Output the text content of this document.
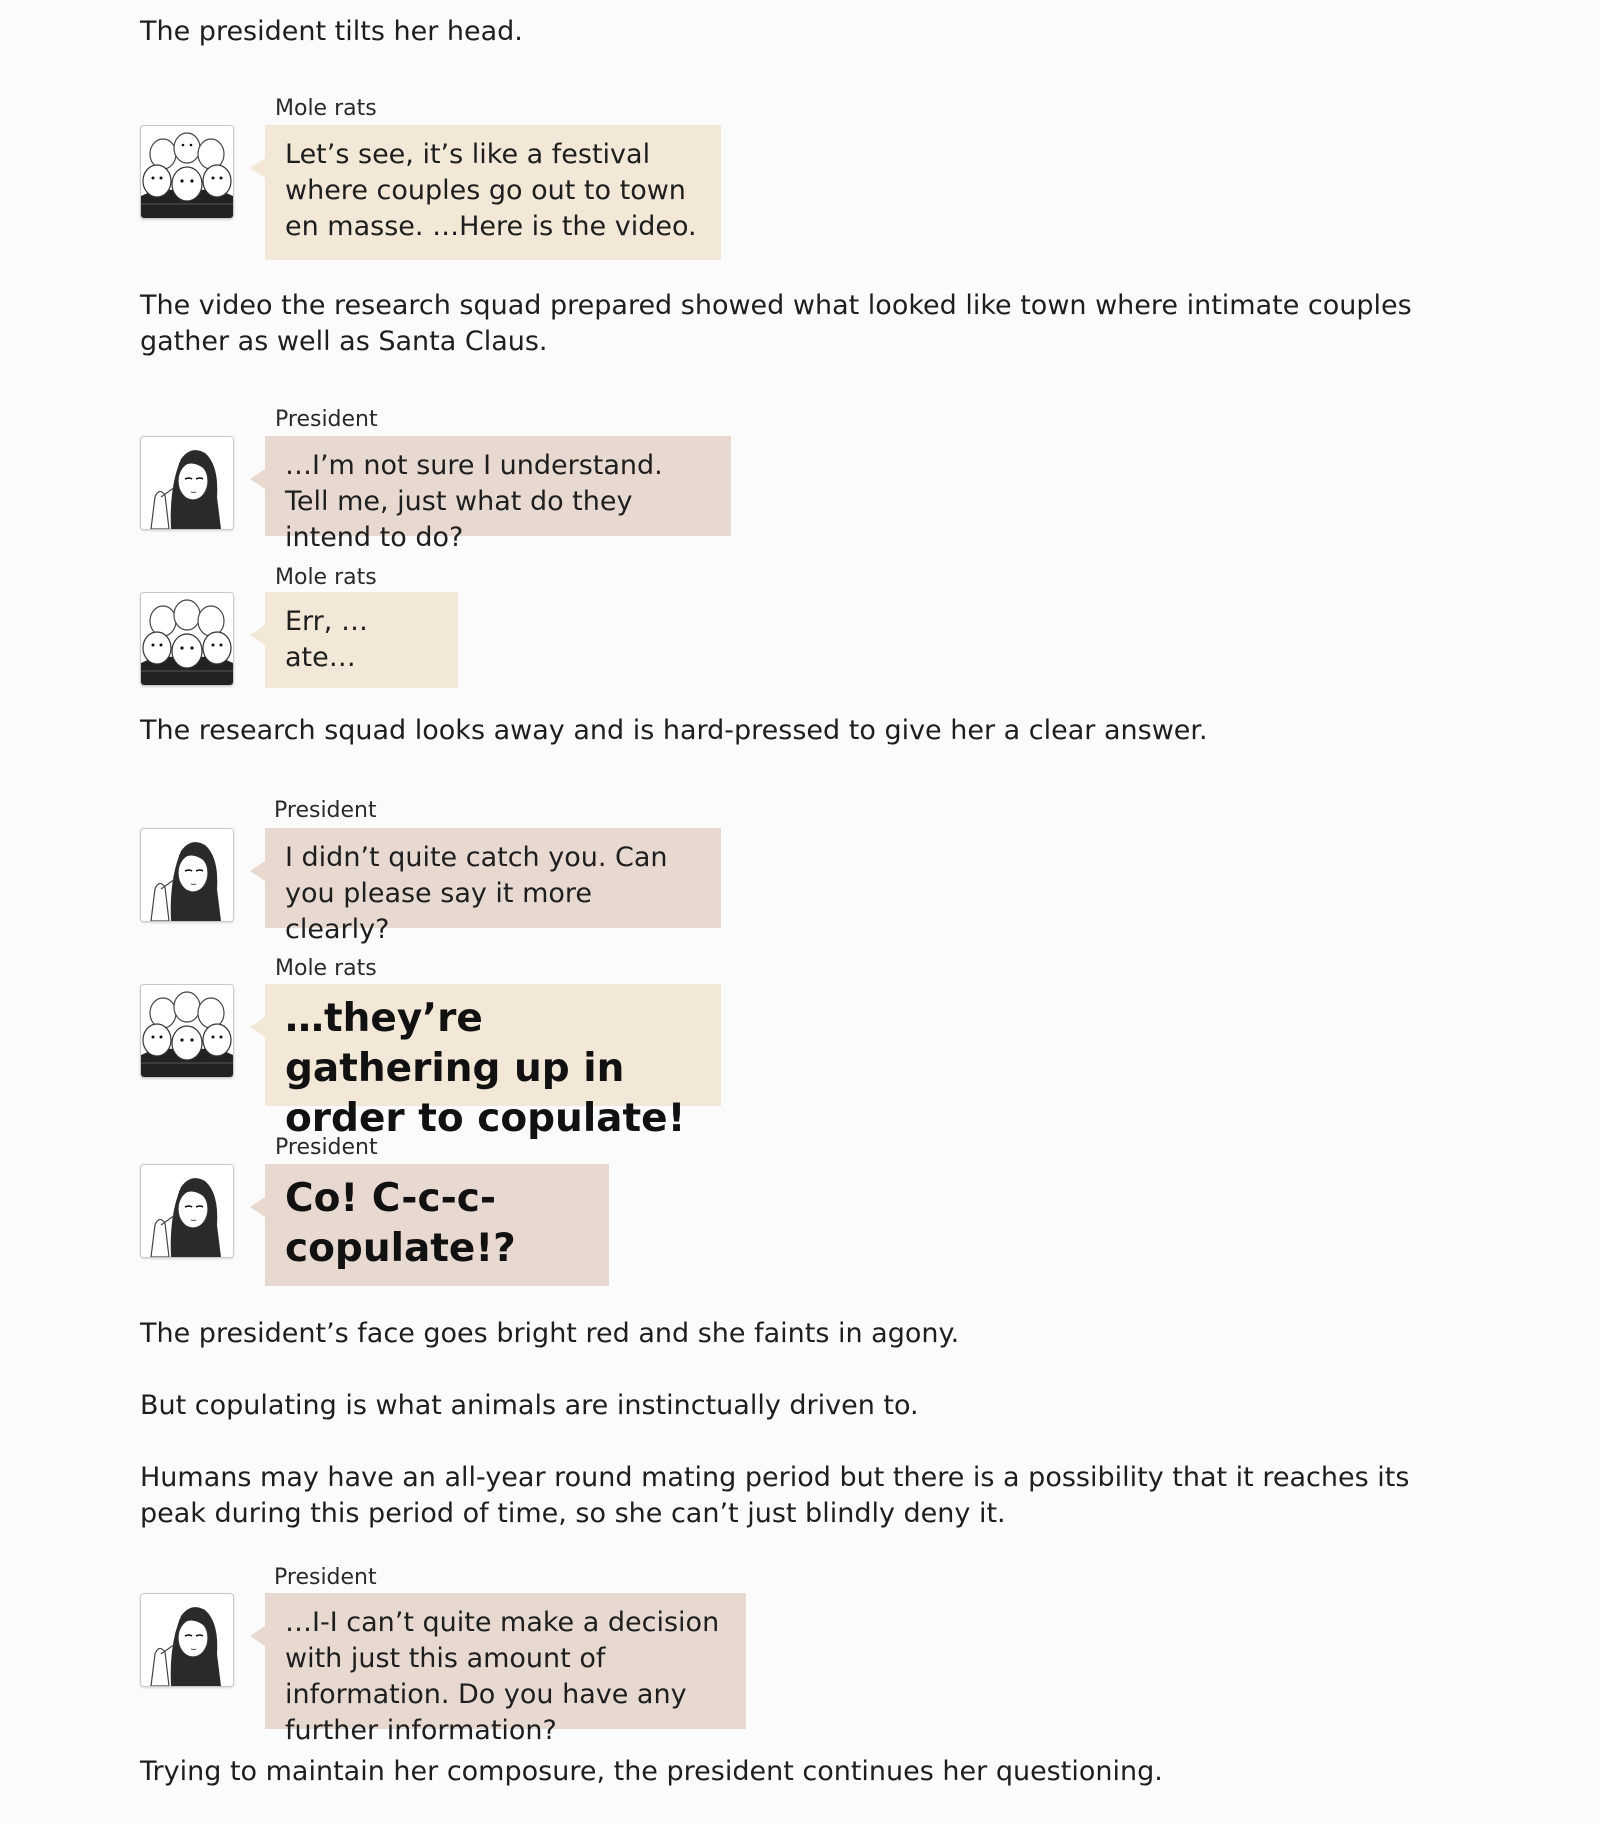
The president tilts her head.
Mole rats
Let’s see, it’s like a festival where couples go out to town en masse. …Here is the video.
The video the research squad prepared showed what looked like town where intimate couples gather as well as Santa Claus.
President
…I’m not sure I understand. Tell me, just what do they intend to do?
Mole rats
Err, …ate…
The research squad looks away and is hard-pressed to give her a clear answer.
President
I didn’t quite catch you. Can you please say it more clearly?
Mole rats
…they’re gathering up in order to copulate!
President
Co! C-c-c-copulate!?
The president’s face goes bright red and she faints in agony.
But copulating is what animals are instinctually driven to.
Humans may have an all-year round mating period but there is a possibility that it reaches its peak during this period of time, so she can’t just blindly deny it.
President
…I-I can’t quite make a decision with just this amount of information. Do you have any further information?
Trying to maintain her composure, the president continues her questioning.
